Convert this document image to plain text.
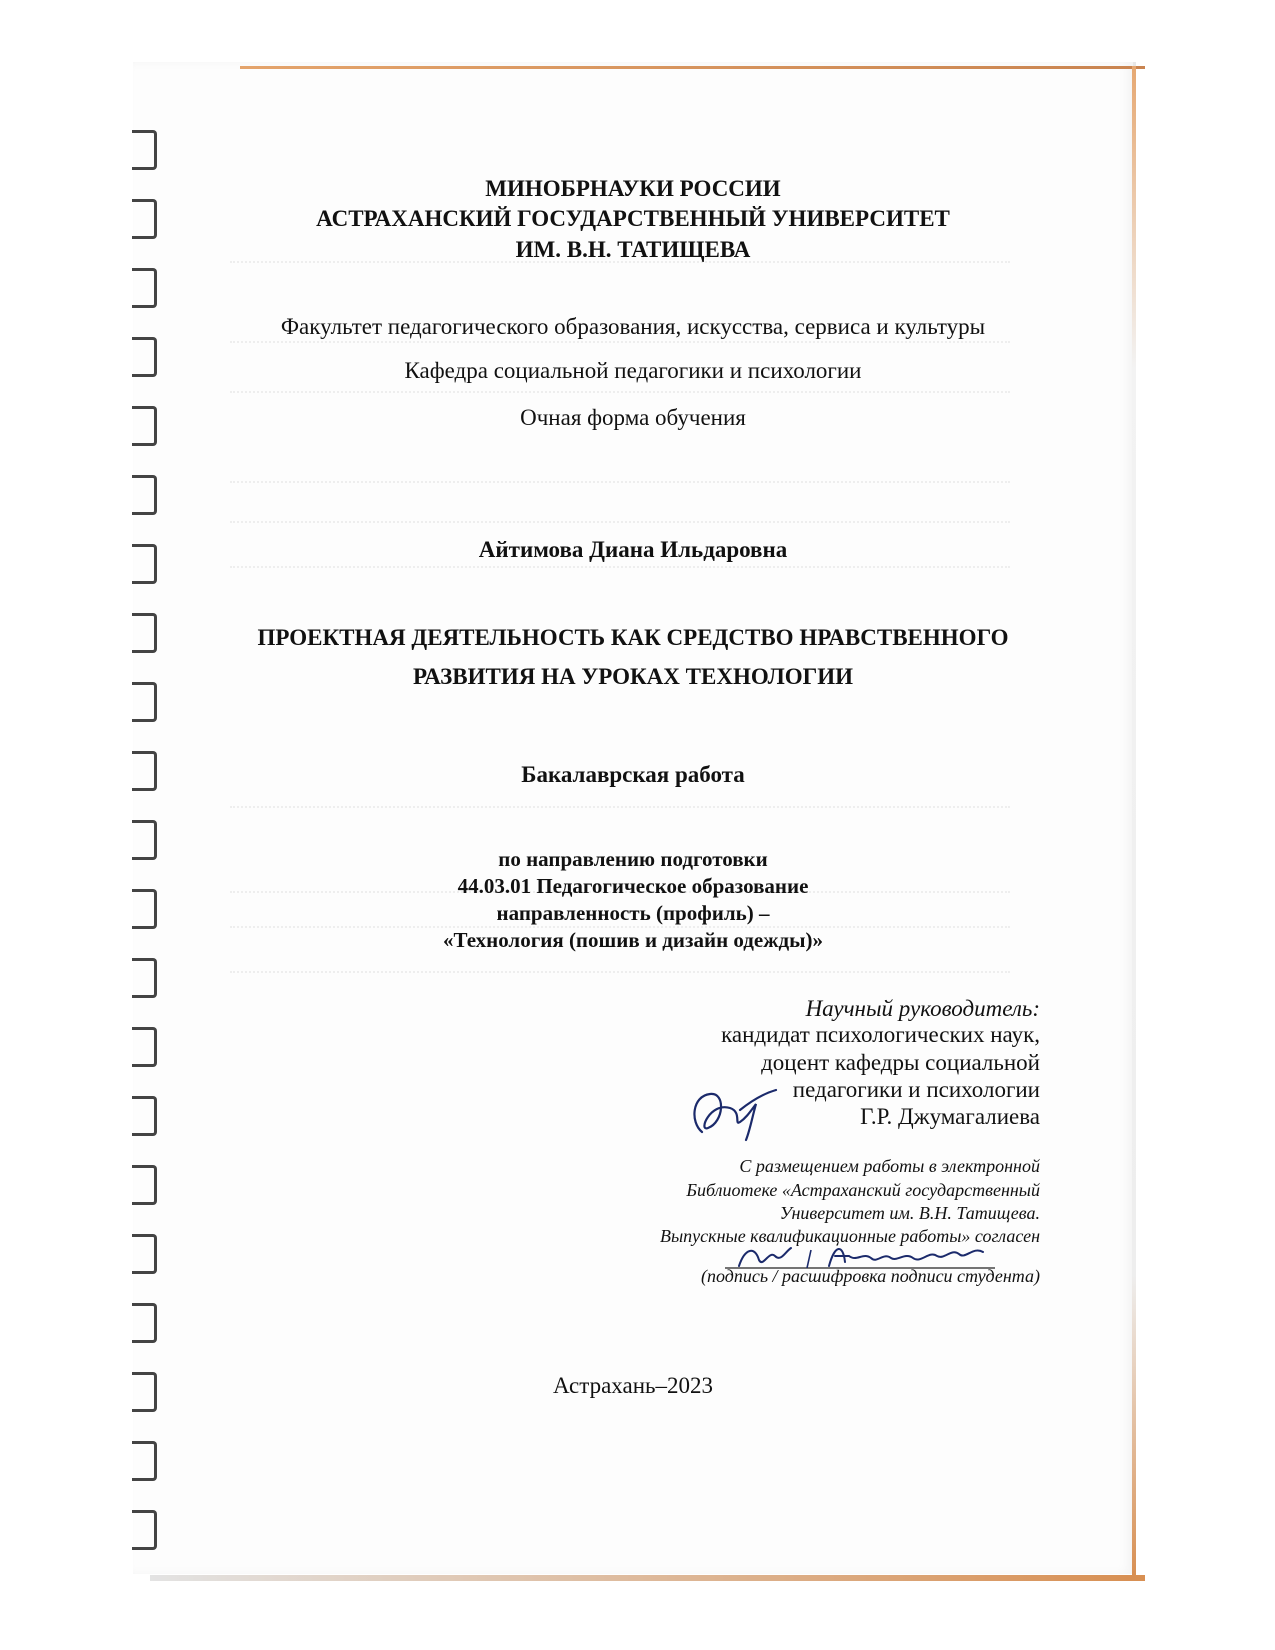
МИНОБРНАУКИ РОССИИ
АСТРАХАНСКИЙ ГОСУДАРСТВЕННЫЙ УНИВЕРСИТЕТ
ИМ. В.Н. ТАТИЩЕВА
Факультет педагогического образования, искусства, сервиса и культуры
Кафедра социальной педагогики и психологии
Очная форма обучения
Айтимова Диана Ильдаровна
ПРОЕКТНАЯ ДЕЯТЕЛЬНОСТЬ КАК СРЕДСТВО НРАВСТВЕННОГО
РАЗВИТИЯ НА УРОКАХ ТЕХНОЛОГИИ
Бакалаврская работа
по направлению подготовки
44.03.01 Педагогическое образование
направленность (профиль) –
«Технология (пошив и дизайн одежды)»
Научный руководитель:
кандидат психологических наук,
доцент кафедры социальной
педагогики и психологии
Г.Р. Джумагалиева
С размещением работы в электронной
Библиотеке «Астраханский государственный
Университет им. В.Н. Татищева.
Выпускные квалификационные работы» согласен
(подпись / расшифровка подписи студента)
Астрахань–2023
